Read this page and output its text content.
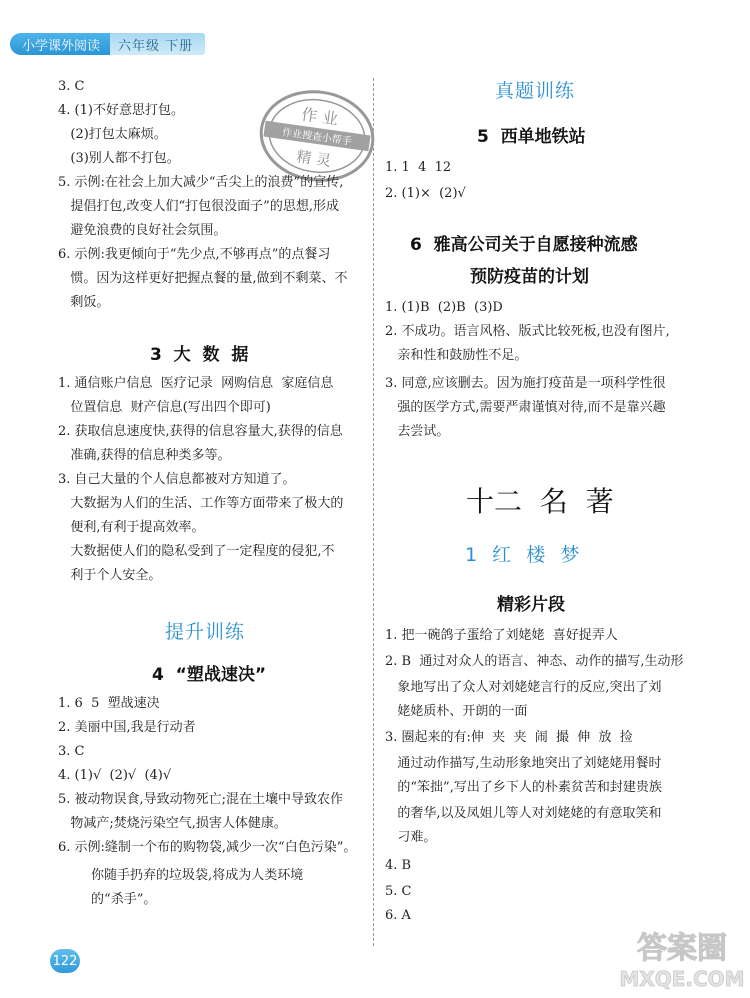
小学课外阅读	六年级 下册
作 业
作业搜查小帮手
精 灵

3. C

4. (1)不好意思打包。

(2)打包太麻烦。

(3)别人都不打包。

5. 示例:在社会上加大减少“舌尖上的浪费”的宣传,

提倡打包,改变人们“打包很没面子”的思想,形成

避免浪费的良好社会氛围。

6. 示例:我更倾向于“先少点,不够再点”的点餐习

惯。因为这样更好把握点餐的量,做到不剩菜、不

剩饭。

3  大  数  据

1. 通信账户信息  医疗记录  网购信息  家庭信息

位置信息  财产信息(写出四个即可)

2. 获取信息速度快,获得的信息容量大,获得的信息

准确,获得的信息种类多等。

3. 自己大量的个人信息都被对方知道了。

大数据为人们的生活、工作等方面带来了极大的

便利,有利于提高效率。

大数据使人们的隐私受到了一定程度的侵犯,不

利于个人安全。

提升训练

4  “塑战速决”

1. 6  5  塑战速决

2. 美丽中国,我是行动者

3. C

4. (1)√  (2)√  (4)√

5. 被动物误食,导致动物死亡;混在土壤中导致农作

物减产;焚烧污染空气,损害人体健康。

6. 示例:缝制一个布的购物袋,减少一次“白色污染”。

你随手扔弃的垃圾袋,将成为人类环境

的“杀手”。

真题训练

5  西单地铁站

1. 1  4  12

2. (1)×  (2)√

6  雅高公司关于自愿接种流感

预防疫苗的计划

1. (1)B  (2)B  (3)D

2. 不成功。语言风格、版式比较死板,也没有图片,

亲和性和鼓励性不足。

3. 同意,应该删去。因为施打疫苗是一项科学性很

强的医学方式,需要严肃谨慎对待,而不是靠兴趣

去尝试。

十二  名  著

1  红  楼  梦

精彩片段

1. 把一碗鸽子蛋给了刘姥姥  喜好捉弄人

2. B  通过对众人的语言、神态、动作的描写,生动形

象地写出了众人对刘姥姥言行的反应,突出了刘

姥姥质朴、开朗的一面

3. 圈起来的有:伸  夹  夹  闹  撮  伸  放  捡

通过动作描写,生动形象地突出了刘姥姥用餐时

的“笨拙”,写出了乡下人的朴素贫苦和封建贵族

的奢华,以及凤姐儿等人对刘姥姥的有意取笑和

刁难。

4. B

5. C

6. A

122	答案圈
MXQE.COM
